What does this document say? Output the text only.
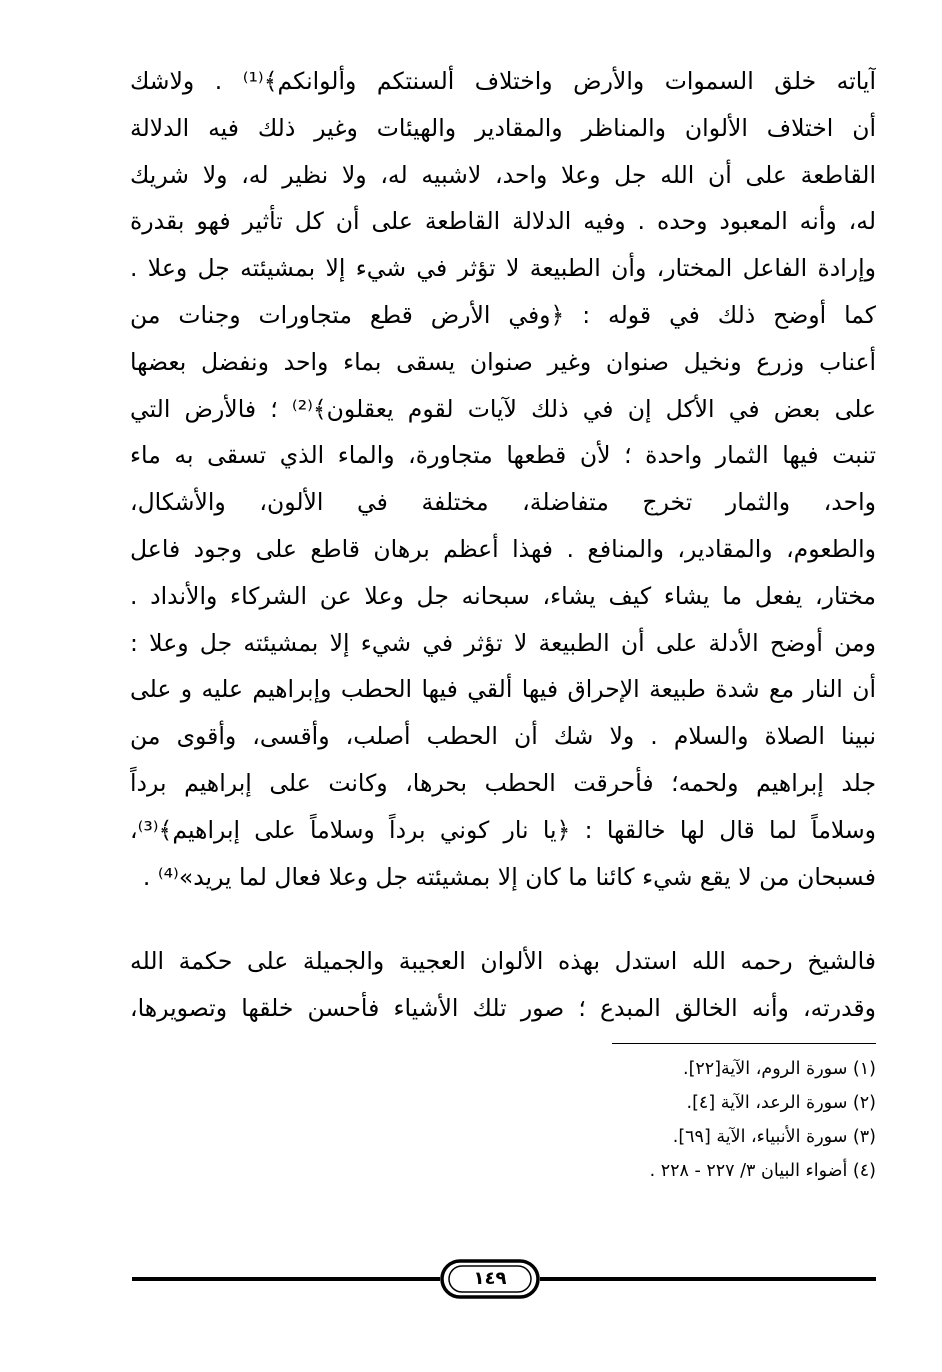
آياته خلق السموات والأرض واختلاف ألسنتكم وألوانكم﴾⁽¹⁾ . ولاشك
أن اختلاف الألوان والمناظر والمقادير والهيئات وغير ذلك فيه الدلالة
القاطعة على أن الله جل وعلا واحد، لاشبيه له، ولا نظير له، ولا شريك
له، وأنه المعبود وحده . وفيه الدلالة القاطعة على أن كل تأثير فهو بقدرة
وإرادة الفاعل المختار، وأن الطبيعة لا تؤثر في شيء إلا بمشيئته جل وعلا .
كما أوضح ذلك في قوله : ﴿وفي الأرض قطع متجاورات وجنات من
أعناب وزرع ونخيل صنوان وغير صنوان يسقى بماء واحد ونفضل بعضها
على بعض في الأكل إن في ذلك لآيات لقوم يعقلون﴾⁽²⁾ ؛ فالأرض التي
تنبت فيها الثمار واحدة ؛ لأن قطعها متجاورة، والماء الذي تسقى به ماء
واحد، والثمار تخرج متفاضلة، مختلفة في الألون، والأشكال،
والطعوم، والمقادير، والمنافع . فهذا أعظم برهان قاطع على وجود فاعل
مختار، يفعل ما يشاء كيف يشاء، سبحانه جل وعلا عن الشركاء والأنداد .
ومن أوضح الأدلة على أن الطبيعة لا تؤثر في شيء إلا بمشيئته جل وعلا :
أن النار مع شدة طبيعة الإحراق فيها ألقي فيها الحطب وإبراهيم عليه و على
نبينا الصلاة والسلام . ولا شك أن الحطب أصلب، وأقسى، وأقوى من
جلد إبراهيم ولحمه؛ فأحرقت الحطب بحرها، وكانت على إبراهيم برداً
وسلاماً لما قال لها خالقها : ﴿يا نار كوني برداً وسلاماً على إبراهيم﴾⁽³⁾،
فسبحان من لا يقع شيء كائنا ما كان إلا بمشيئته جل وعلا فعال لما يريد»⁽⁴⁾ .
فالشيخ رحمه الله استدل بهذه الألوان العجيبة والجميلة على حكمة الله
وقدرته، وأنه الخالق المبدع ؛ صور تلك الأشياء فأحسن خلقها وتصويرها،
(١) سورة الروم، الآية[٢٢].
(٢) سورة الرعد، الآية [٤].
(٣) سورة الأنبياء، الآية [٦٩].
(٤) أضواء البيان ٣/ ٢٢٧ - ٢٢٨ .
١٤٩
